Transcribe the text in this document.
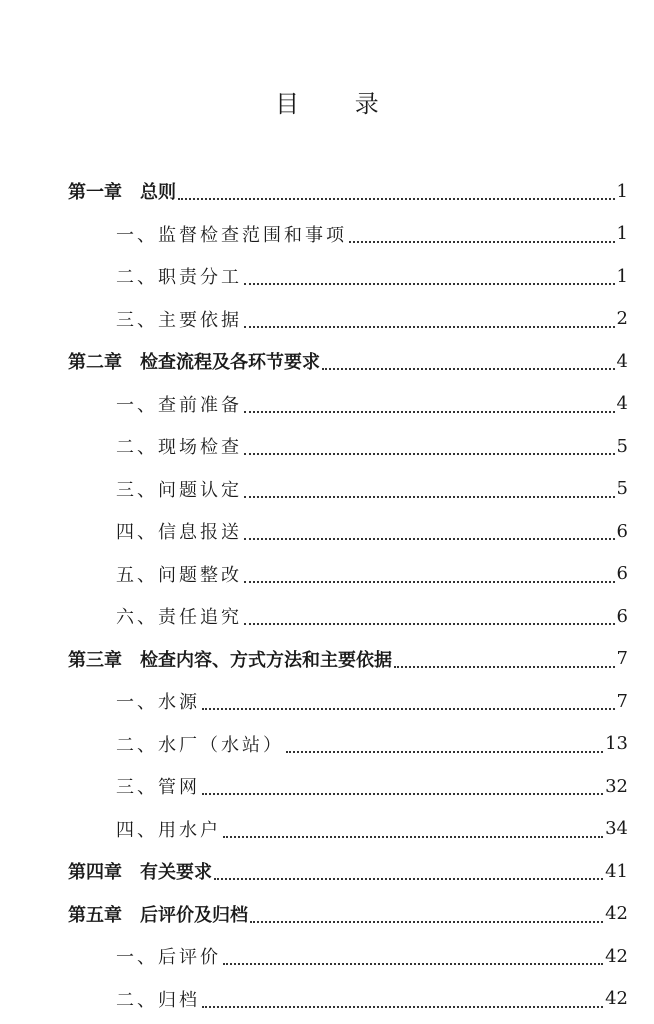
目 录
第一章 总则	1
一、监督检查范围和事项	1
二、职责分工	1
三、主要依据	2
第二章 检查流程及各环节要求	4
一、查前准备	4
二、现场检查	5
三、问题认定	5
四、信息报送	6
五、问题整改	6
六、责任追究	6
第三章 检查内容、方式方法和主要依据	7
一、水源	7
二、水厂（水站）	13
三、管网	32
四、用水户	34
第四章 有关要求	41
第五章 后评价及归档	42
一、后评价	42
二、归档	42
